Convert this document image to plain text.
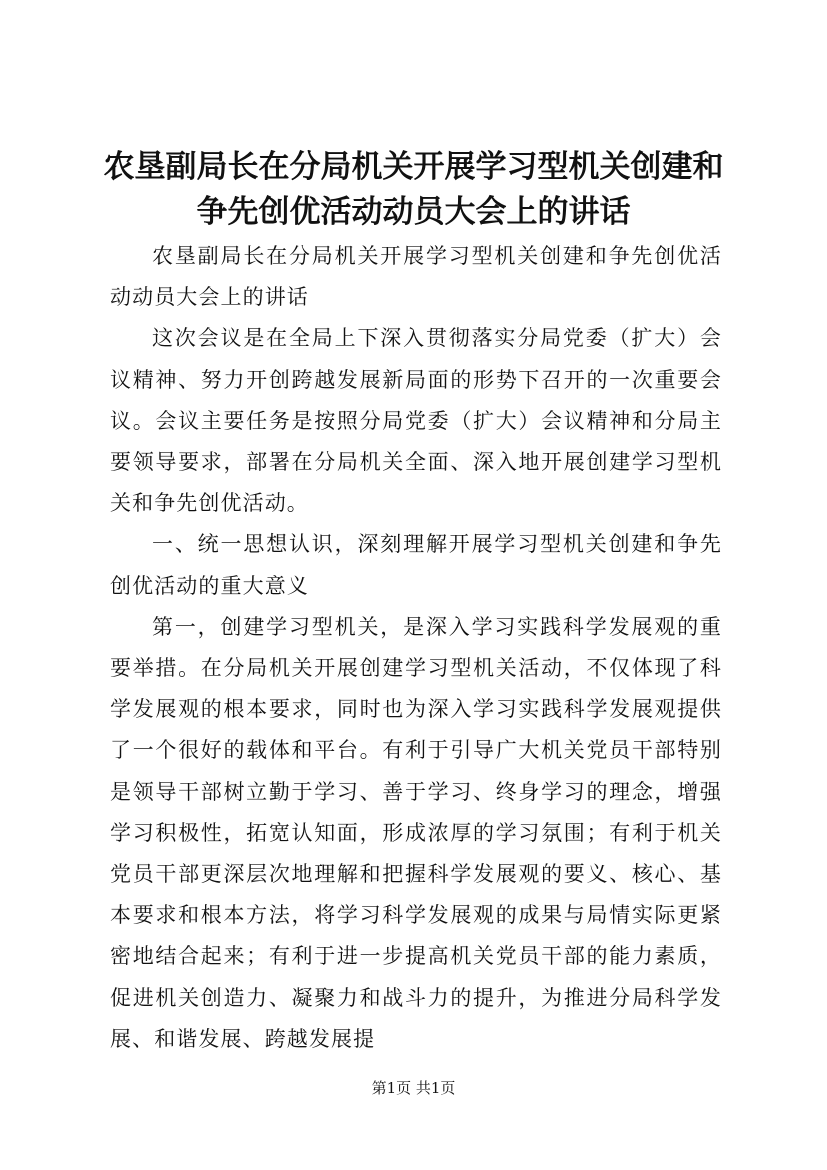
农垦副局长在分局机关开展学习型机关创建和争先创优活动动员大会上的讲话

农垦副局长在分局机关开展学习型机关创建和争先创优活动动员大会上的讲话

这次会议是在全局上下深入贯彻落实分局党委（扩大）会议精神、努力开创跨越发展新局面的形势下召开的一次重要会议。会议主要任务是按照分局党委（扩大）会议精神和分局主要领导要求，部署在分局机关全面、深入地开展创建学习型机关和争先创优活动。

一、统一思想认识，深刻理解开展学习型机关创建和争先创优活动的重大意义

第一，创建学习型机关，是深入学习实践科学发展观的重要举措。在分局机关开展创建学习型机关活动，不仅体现了科学发展观的根本要求，同时也为深入学习实践科学发展观提供了一个很好的载体和平台。有利于引导广大机关党员干部特别是领导干部树立勤于学习、善于学习、终身学习的理念，增强学习积极性，拓宽认知面，形成浓厚的学习氛围；有利于机关党员干部更深层次地理解和把握科学发展观的要义、核心、基本要求和根本方法，将学习科学发展观的成果与局情实际更紧密地结合起来；有利于进一步提高机关党员干部的能力素质，促进机关创造力、凝聚力和战斗力的提升，为推进分局科学发展、和谐发展、跨越发展提

第1页 共1页
